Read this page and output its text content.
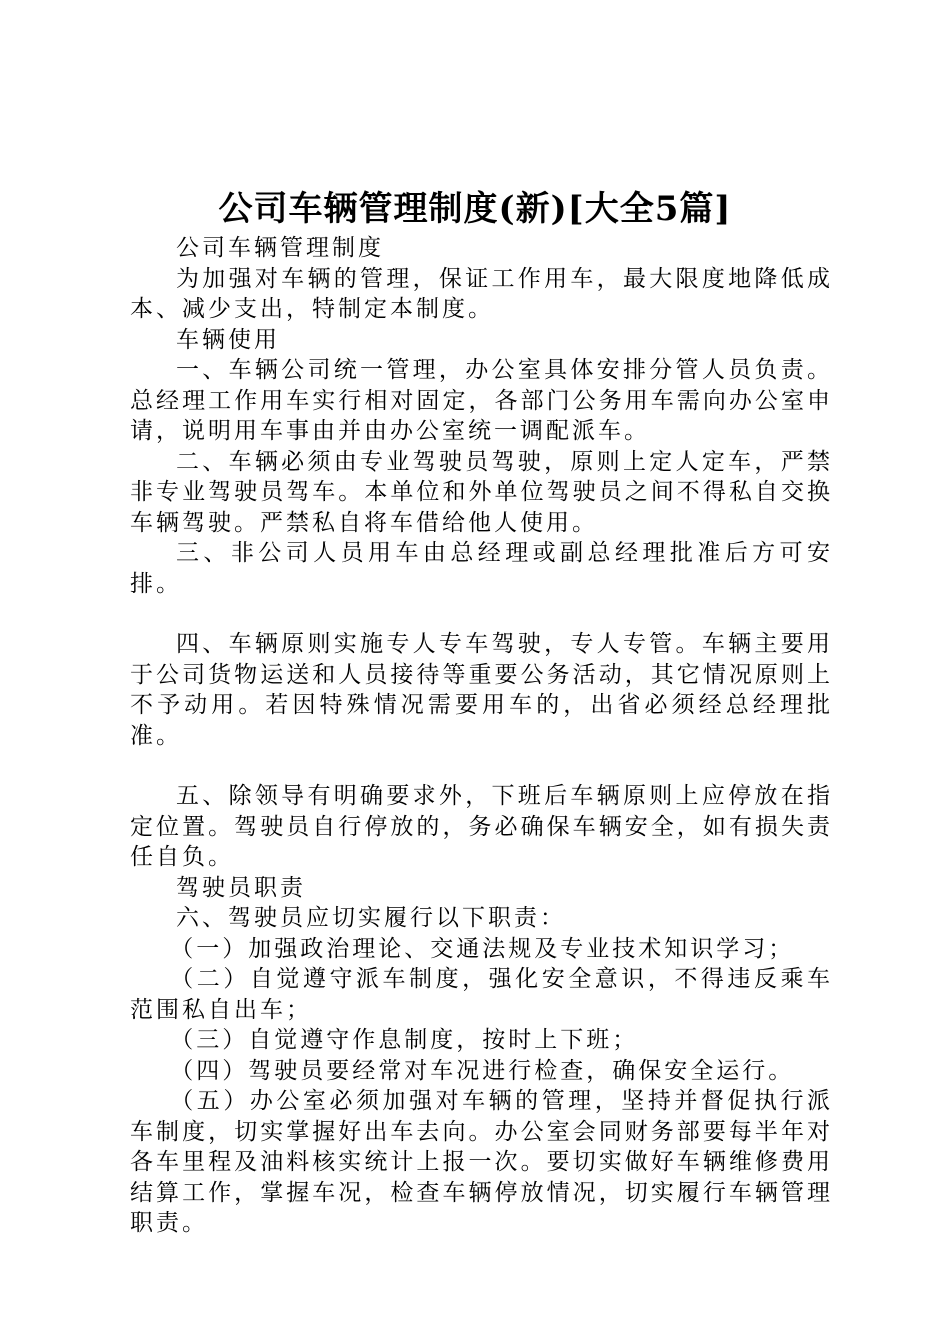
公司车辆管理制度(新)[大全5篇]

公司车辆管理制度

为加强对车辆的管理，保证工作用车，最大限度地降低成本、减少支出，特制定本制度。

车辆使用

一、车辆公司统一管理，办公室具体安排分管人员负责。总经理工作用车实行相对固定，各部门公务用车需向办公室申请，说明用车事由并由办公室统一调配派车。

二、车辆必须由专业驾驶员驾驶，原则上定人定车，严禁非专业驾驶员驾车。本单位和外单位驾驶员之间不得私自交换车辆驾驶。严禁私自将车借给他人使用。

三、非公司人员用车由总经理或副总经理批准后方可安排。

四、车辆原则实施专人专车驾驶，专人专管。车辆主要用于公司货物运送和人员接待等重要公务活动，其它情况原则上不予动用。若因特殊情况需要用车的，出省必须经总经理批准。

五、除领导有明确要求外，下班后车辆原则上应停放在指定位置。驾驶员自行停放的，务必确保车辆安全，如有损失责任自负。

驾驶员职责

六、驾驶员应切实履行以下职责：

（一）加强政治理论、交通法规及专业技术知识学习；

（二）自觉遵守派车制度，强化安全意识，不得违反乘车范围私自出车；

（三）自觉遵守作息制度，按时上下班；

（四）驾驶员要经常对车况进行检查，确保安全运行。

（五）办公室必须加强对车辆的管理，坚持并督促执行派车制度，切实掌握好出车去向。办公室会同财务部要每半年对各车里程及油料核实统计上报一次。要切实做好车辆维修费用结算工作，掌握车况，检查车辆停放情况，切实履行车辆管理职责。
